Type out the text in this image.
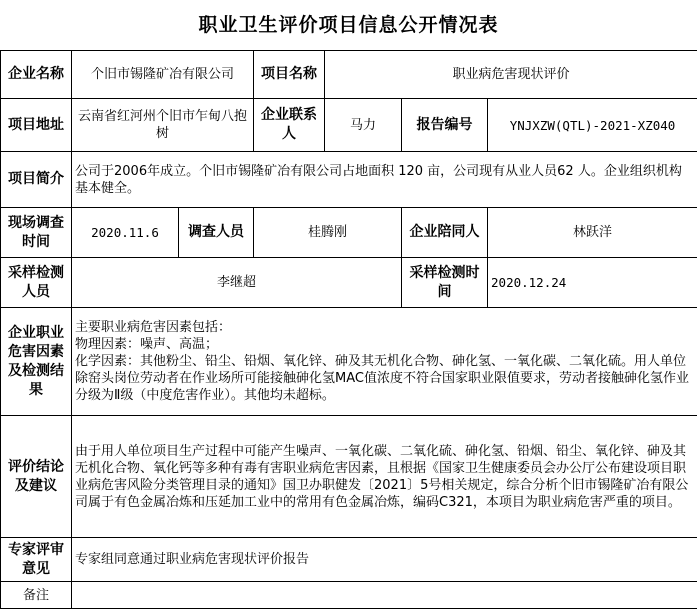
职业卫生评价项目信息公开情况表
企业名称	个旧市锡隆矿冶有限公司		项目名称	职业病危害现状评价		
项目地址	云南省红河州个旧市乍甸八抱树		企业联系人	马力	报告编号	YNJXZW(QTL)-2021-XZ040
项目简介	公司于2006年成立。个旧市锡隆矿冶有限公司占地面积 120 亩，公司现有从业人员62 人。企业组织机构基本健全。					
现场调查时间	2020.11.6	调查人员	桂腾刚		企业陪同人	林跃洋
采样检测人员	李继超				采样检测时间	2020.12.24
企业职业危害因素及检测结果	主要职业病危害因素包括：
物理因素：噪声、高温；
化学因素：其他粉尘、铅尘、铅烟、氧化锌、砷及其无机化合物、砷化氢、一氧化碳、二氧化硫。用人单位除窑头岗位劳动者在作业场所可能接触砷化氢MAC值浓度不符合国家职业限值要求，劳动者接触砷化氢作业分级为Ⅱ级（中度危害作业）。其他均未超标。					

评价结论及建议	由于用人单位项目生产过程中可能产生噪声、一氧化碳、二氧化硫、砷化氢、铅烟、铅尘、氧化锌、砷及其无机化合物、氧化钙等多种有毒有害职业病危害因素，且根据《国家卫生健康委员会办公厅公布建设项目职业病危害风险分类管理目录的通知》国卫办职健发〔2021〕5号相关规定，综合分析个旧市锡隆矿冶有限公司属于有色金属冶炼和压延加工业中的常用有色金属冶炼，编码C321，本项目为职业病危害严重的项目。					
专家评审意见	专家组同意通过职业病危害现状评价报告					
备注						
